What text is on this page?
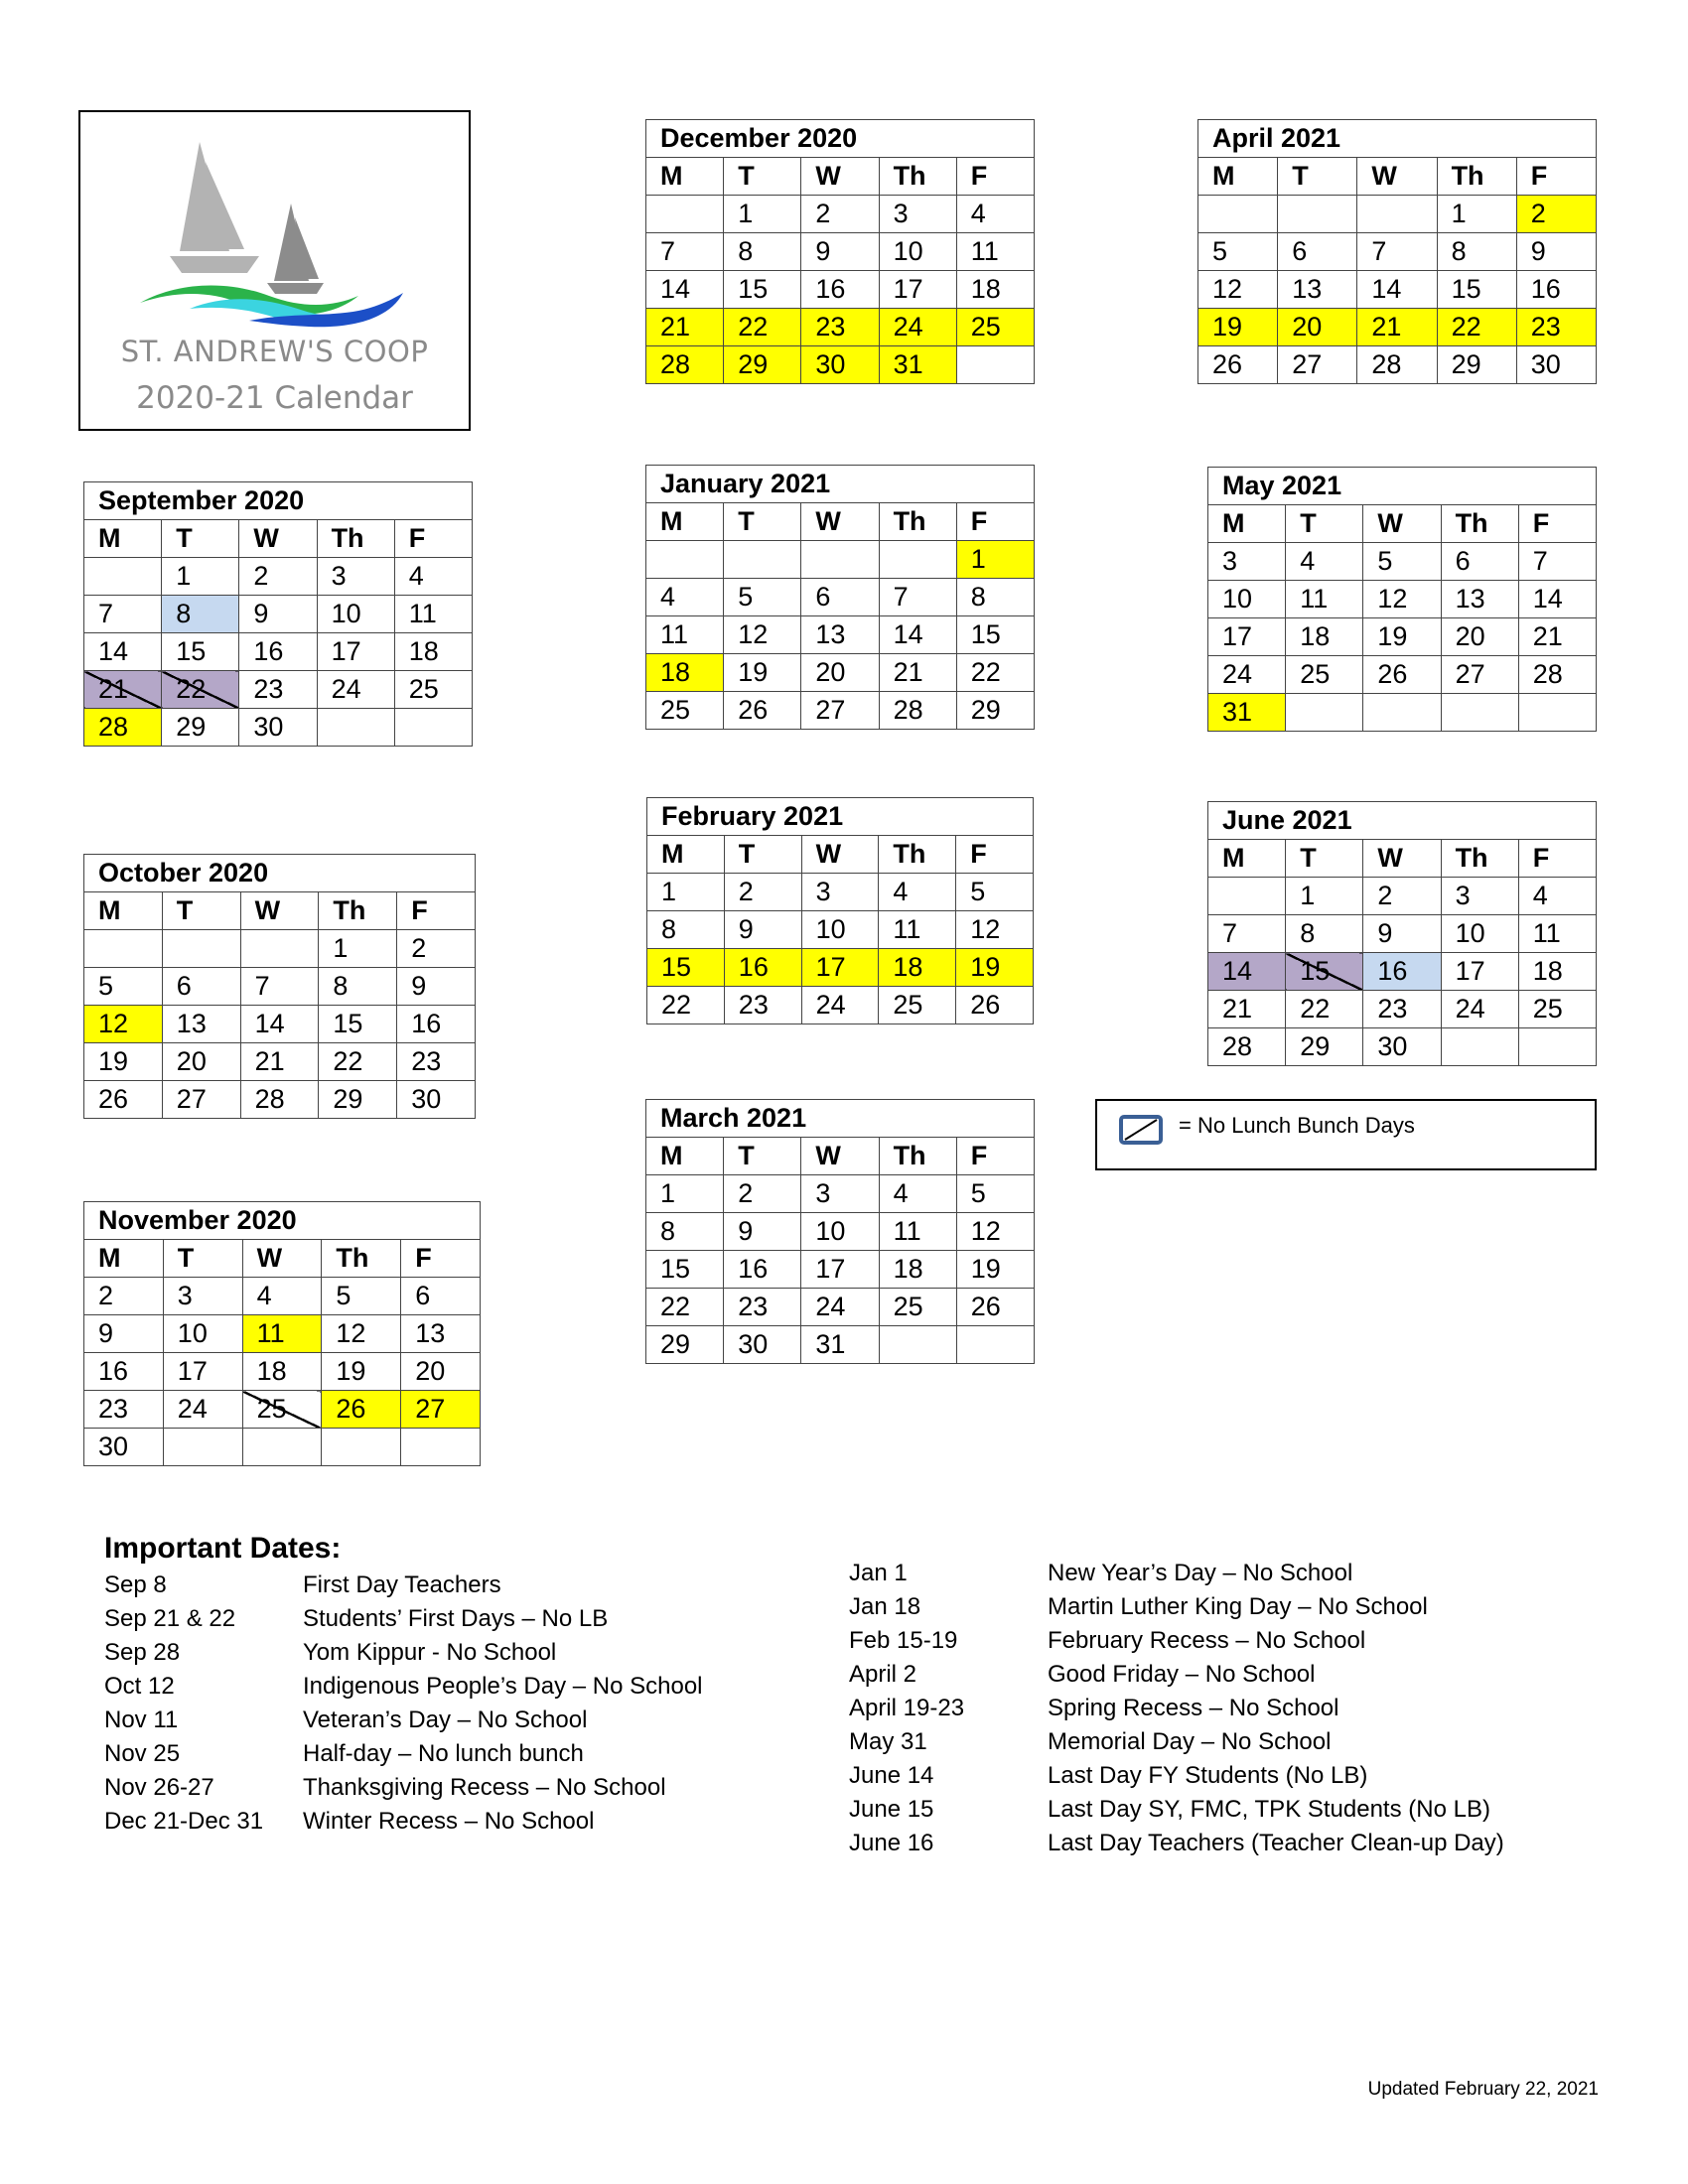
ST. ANDREW'S COOP
2020-21 Calendar
September 2020				
M	T	W	Th	F
	1	2	3	4
7	8	9	10	11
14	15	16	17	18
21	22	23	24	25
28	29	30		
October 2020				
M	T	W	Th	F
			1	2
5	6	7	8	9
12	13	14	15	16
19	20	21	22	23
26	27	28	29	30
November 2020				
M	T	W	Th	F
2	3	4	5	6
9	10	11	12	13
16	17	18	19	20
23	24	25	26	27
30				
December 2020				
M	T	W	Th	F
	1	2	3	4
7	8	9	10	11
14	15	16	17	18
21	22	23	24	25
28	29	30	31	
January 2021				
M	T	W	Th	F
				1
4	5	6	7	8
11	12	13	14	15
18	19	20	21	22
25	26	27	28	29
February 2021				
M	T	W	Th	F
1	2	3	4	5
8	9	10	11	12
15	16	17	18	19
22	23	24	25	26
March 2021				
M	T	W	Th	F
1	2	3	4	5
8	9	10	11	12
15	16	17	18	19
22	23	24	25	26
29	30	31		
April 2021				
M	T	W	Th	F
			1	2
5	6	7	8	9
12	13	14	15	16
19	20	21	22	23
26	27	28	29	30
May 2021				
M	T	W	Th	F
3	4	5	6	7
10	11	12	13	14
17	18	19	20	21
24	25	26	27	28
31				
June 2021				
M	T	W	Th	F
	1	2	3	4
7	8	9	10	11
14	15	16	17	18
21	22	23	24	25
28	29	30		
= No Lunch Bunch Days
Important Dates:
Sep 8	First Day Teachers
Sep 21 & 22	Students’ First Days – No LB
Sep 28	Yom Kippur - No School
Oct 12	Indigenous People’s Day – No School
Nov 11	Veteran’s Day – No School
Nov 25	Half-day – No lunch bunch
Nov 26-27	Thanksgiving Recess – No School
Dec 21-Dec 31 Winter Recess – No School
Jan 1	New Year’s Day – No School
Jan 18	Martin Luther King Day – No School
Feb 15-19	February Recess – No School
April 2	Good Friday – No School
April 19-23	Spring Recess – No School
May 31	Memorial Day – No School
June 14	Last Day FY Students (No LB)
June 15	Last Day SY, FMC, TPK Students (No LB)
June 16	Last Day Teachers (Teacher Clean-up Day)
Updated February 22, 2021
